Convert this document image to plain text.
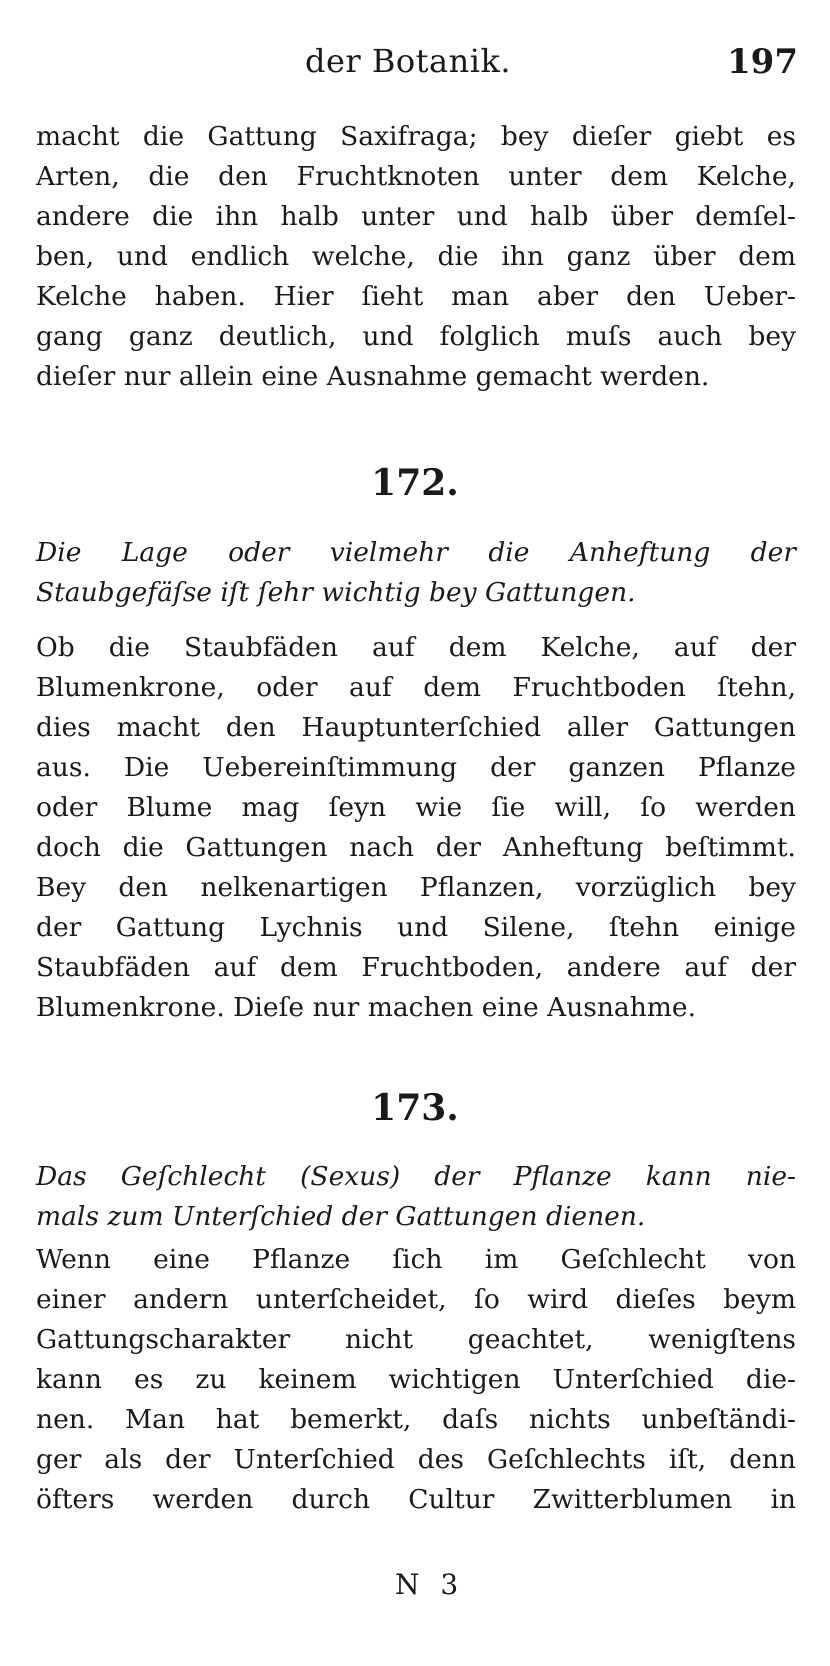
der Botanik.	197
macht die Gattung Saxifraga; bey dieſer giebt es
Arten, die den Fruchtknoten unter dem Kelche,
andere die ihn halb unter und halb über demſel-
ben, und endlich welche, die ihn ganz über dem
Kelche haben. Hier ſieht man aber den Ueber-
gang ganz deutlich, und folglich muſs auch bey
dieſer nur allein eine Ausnahme gemacht werden.
172.
Die Lage oder vielmehr die Anheftung der
Staubgefäſse iſt ſehr wichtig bey Gattungen.
Ob die Staubfäden auf dem Kelche, auf der
Blumenkrone, oder auf dem Fruchtboden ſtehn,
dies macht den Hauptunterſchied aller Gattungen
aus. Die Uebereinſtimmung der ganzen Pflanze
oder Blume mag ſeyn wie ſie will, ſo werden
doch die Gattungen nach der Anheftung beſtimmt.
Bey den nelkenartigen Pflanzen, vorzüglich bey
der Gattung Lychnis und Silene, ſtehn einige
Staubfäden auf dem Fruchtboden, andere auf der
Blumenkrone. Dieſe nur machen eine Ausnahme.
173.
Das Geſchlecht (Sexus) der Pflanze kann nie-
mals zum Unterſchied der Gattungen dienen.
Wenn eine Pflanze ſich im Geſchlecht von
einer andern unterſcheidet, ſo wird dieſes beym
Gattungscharakter nicht geachtet, wenigſtens
kann es zu keinem wichtigen Unterſchied die-
nen. Man hat bemerkt, daſs nichts unbeſtändi-
ger als der Unterſchied des Geſchlechts iſt, denn
öfters werden durch Cultur Zwitterblumen in
N 3
